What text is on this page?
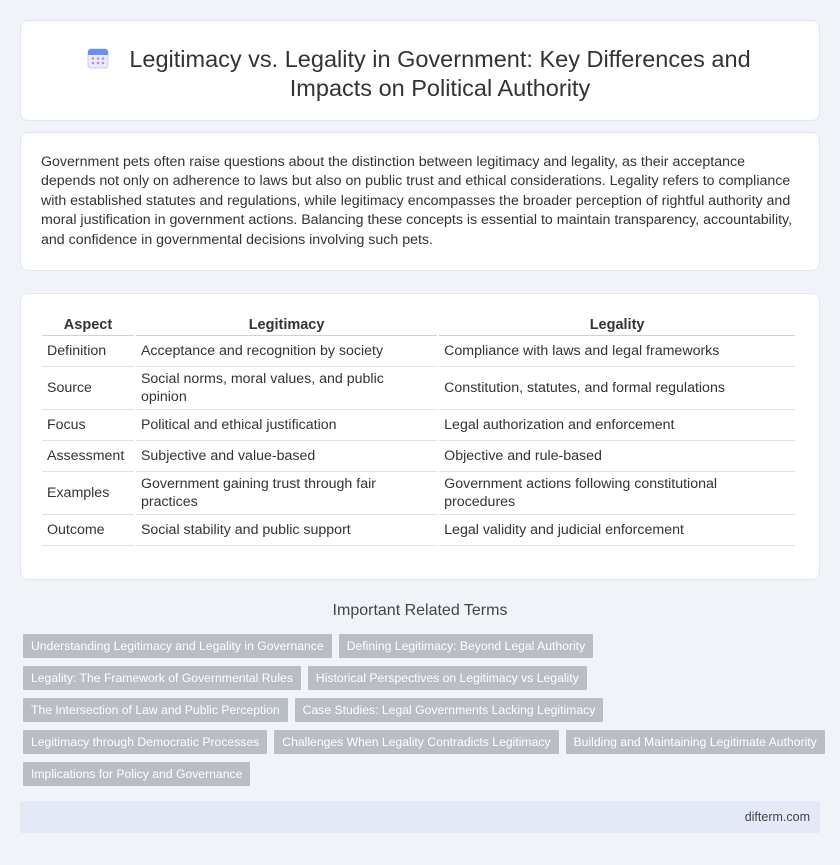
Legitimacy vs. Legality in Government: Key Differences and Impacts on Political Authority

Government pets often raise questions about the distinction between legitimacy and legality, as their acceptance depends not only on adherence to laws but also on public trust and ethical considerations. Legality refers to compliance with established statutes and regulations, while legitimacy encompasses the broader perception of rightful authority and moral justification in government actions. Balancing these concepts is essential to maintain transparency, accountability, and confidence in governmental decisions involving such pets.

Aspect	Legitimacy	Legality
Definition	Acceptance and recognition by society	Compliance with laws and legal frameworks
Source	Social norms, moral values, and public opinion	Constitution, statutes, and formal regulations
Focus	Political and ethical justification	Legal authorization and enforcement
Assessment	Subjective and value-based	Objective and rule-based
Examples	Government gaining trust through fair practices	Government actions following constitutional procedures
Outcome	Social stability and public support	Legal validity and judicial enforcement
Important Related Terms
Understanding Legitimacy and Legality in Governance	Defining Legitimacy: Beyond Legal Authority
Legality: The Framework of Governmental Rules	Historical Perspectives on Legitimacy vs Legality
The Intersection of Law and Public Perception	Case Studies: Legal Governments Lacking Legitimacy
Legitimacy through Democratic Processes	Challenges When Legality Contradicts Legitimacy	Building and Maintaining Legitimate Authority
Implications for Policy and Governance
difterm.com
